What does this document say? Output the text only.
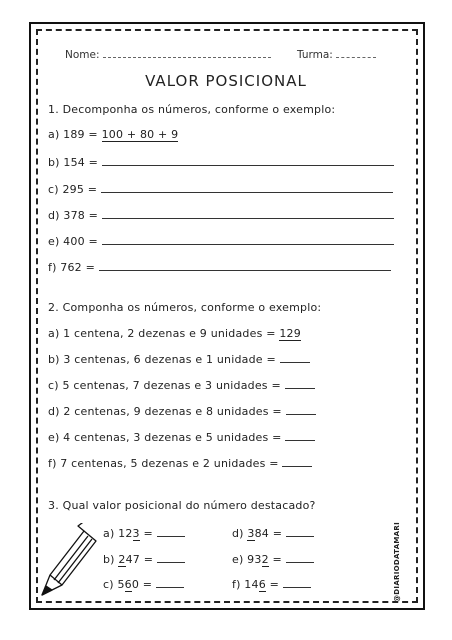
Nome:	Turma:
VALOR POSICIONAL
1. Decomponha os números, conforme o exemplo:
a) 189 = 100 + 80 + 9
b) 154 =
c) 295 =
d) 378 =
e) 400 =
f) 762 =
2. Componha os números, conforme o exemplo:
a) 1 centena, 2 dezenas e 9 unidades = 129
b) 3 centenas, 6 dezenas e 1 unidade =
c) 5 centenas, 7 dezenas e 3 unidades =
d) 2 centenas, 9 dezenas e 8 unidades =
e) 4 centenas, 3 dezenas e 5 unidades =
f) 7 centenas, 5 dezenas e 2 unidades =
3. Qual valor posicional do número destacado?
a) 123 =
b) 247 =
c) 560 =
d) 384 =
e) 932 =
f) 146 =	@DIARIODATAMARI
